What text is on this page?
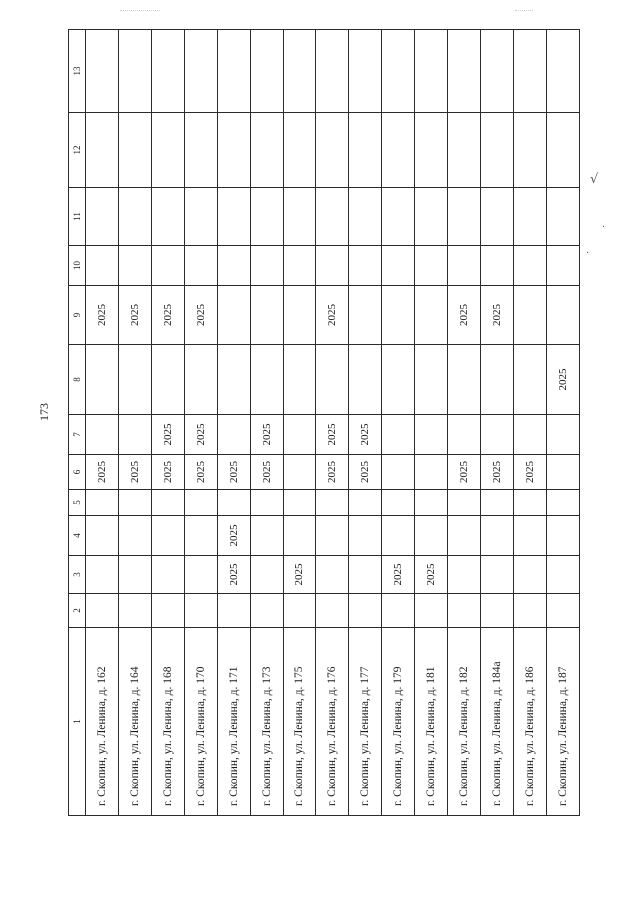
173
√
·
·
1	2	3	4	5	6	7	8	9	10	11	12	13
г. Скопин, ул. Ленина, д. 162					2025			2025				
г. Скопин, ул. Ленина, д. 164					2025			2025				
г. Скопин, ул. Ленина, д. 168					2025	2025		2025				
г. Скопин, ул. Ленина, д. 170					2025	2025		2025				
г. Скопин, ул. Ленина, д. 171		2025	2025		2025							
г. Скопин, ул. Ленина, д. 173					2025	2025						
г. Скопин, ул. Ленина, д. 175		2025										
г. Скопин, ул. Ленина, д. 176					2025	2025		2025				
г. Скопин, ул. Ленина, д. 177					2025	2025						
г. Скопин, ул. Ленина, д. 179		2025										
г. Скопин, ул. Ленина, д. 181		2025										
г. Скопин, ул. Ленина, д. 182					2025			2025				
г. Скопин, ул. Ленина, д. 184а					2025			2025				
г. Скопин, ул. Ленина, д. 186					2025							
г. Скопин, ул. Ленина, д. 187							2025					
